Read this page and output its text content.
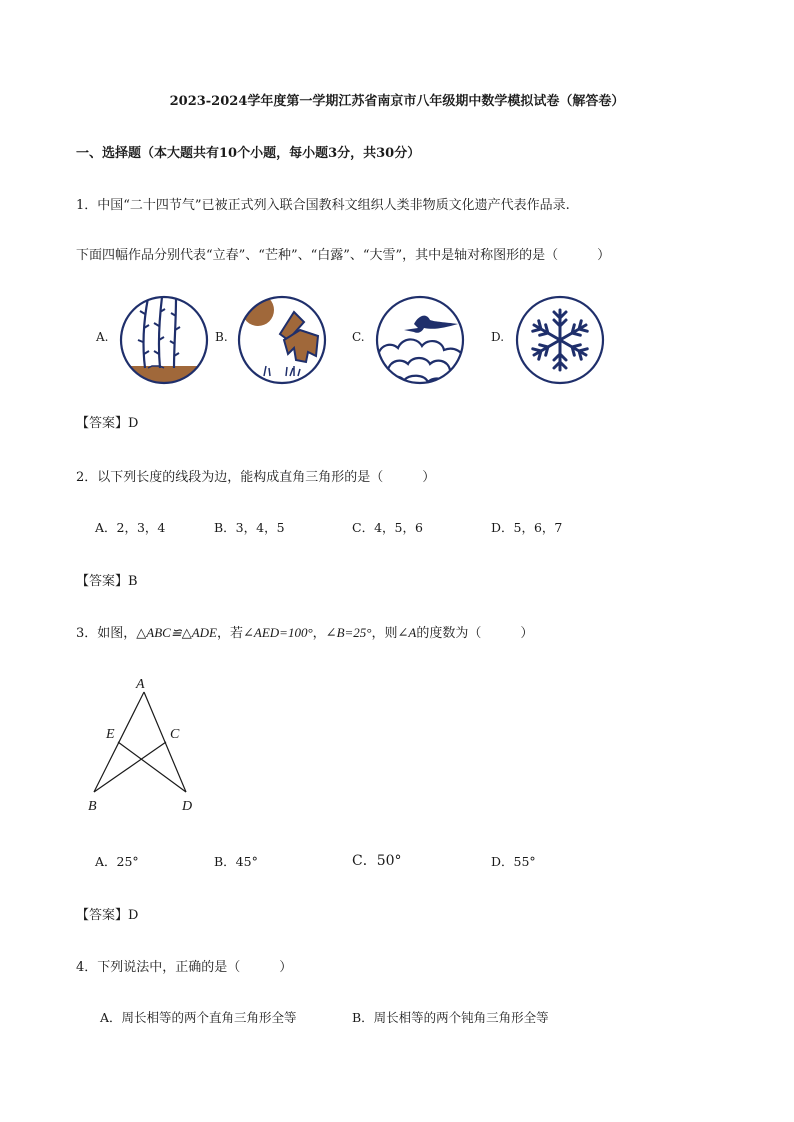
2023-2024学年度第一学期江苏省南京市八年级期中数学模拟试卷（解答卷）
一、选择题（本大题共有10个小题，每小题3分，共30分）
1．中国“二十四节气”已被正式列入联合国教科文组织人类非物质文化遗产代表作品录.
下面四幅作品分别代表“立春”、“芒种”、“白露”、“大雪”，其中是轴对称图形的是（　　　）
A.	B.	C.	D.
【答案】D
2．以下列长度的线段为边，能构成直角三角形的是（　　　）
A．2，3，4	B．3，4，5	C．4，5，6	D．5，6，7
【答案】B
3．如图，△ABC≌△ADE，若∠AED=100°，∠B=25°，则∠A的度数为（　　　）
A
E	C
B	D
A．25°	B．45°	C．50°	D．55°
【答案】D
4．下列说法中，正确的是（　　　）
A．周长相等的两个直角三角形全等	B．周长相等的两个钝角三角形全等
